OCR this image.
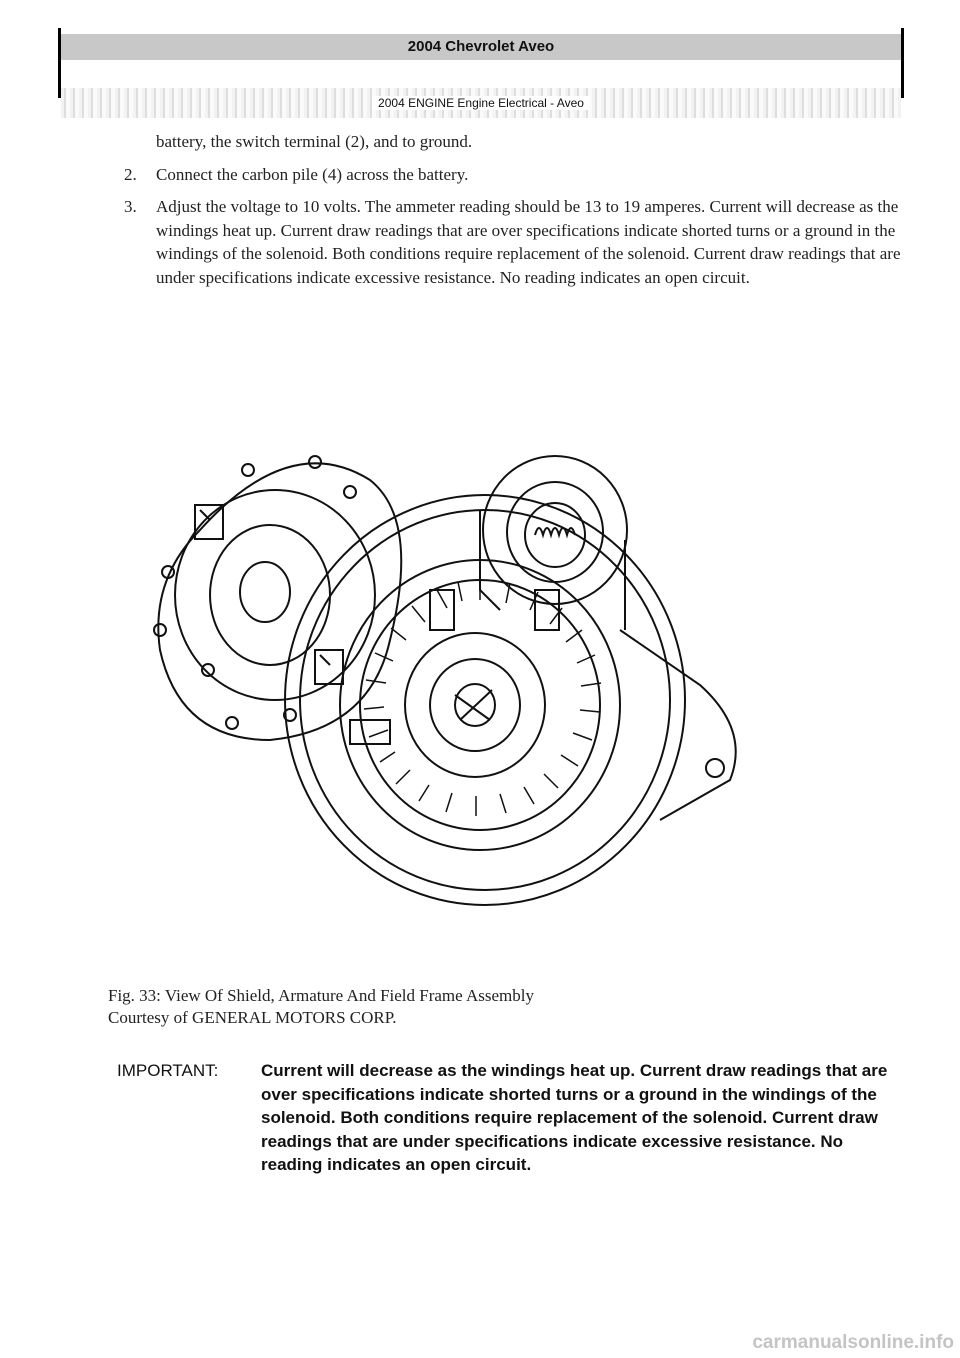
2004 Chevrolet Aveo
2004 ENGINE Engine Electrical - Aveo
battery, the switch terminal (2), and to ground.
2. Connect the carbon pile (4) across the battery.
3. Adjust the voltage to 10 volts. The ammeter reading should be 13 to 19 amperes. Current will decrease as the windings heat up. Current draw readings that are over specifications indicate shorted turns or a ground in the windings of the solenoid. Both conditions require replacement of the solenoid. Current draw readings that are under specifications indicate excessive resistance. No reading indicates an open circuit.
Fig. 33: View Of Shield, Armature And Field Frame Assembly
Courtesy of GENERAL MOTORS CORP.
IMPORTANT:	Current will decrease as the windings heat up. Current draw readings that are over specifications indicate shorted turns or a ground in the windings of the solenoid. Both conditions require replacement of the solenoid. Current draw readings that are under specifications indicate excessive resistance. No reading indicates an open circuit.
carmanualsonline.info
